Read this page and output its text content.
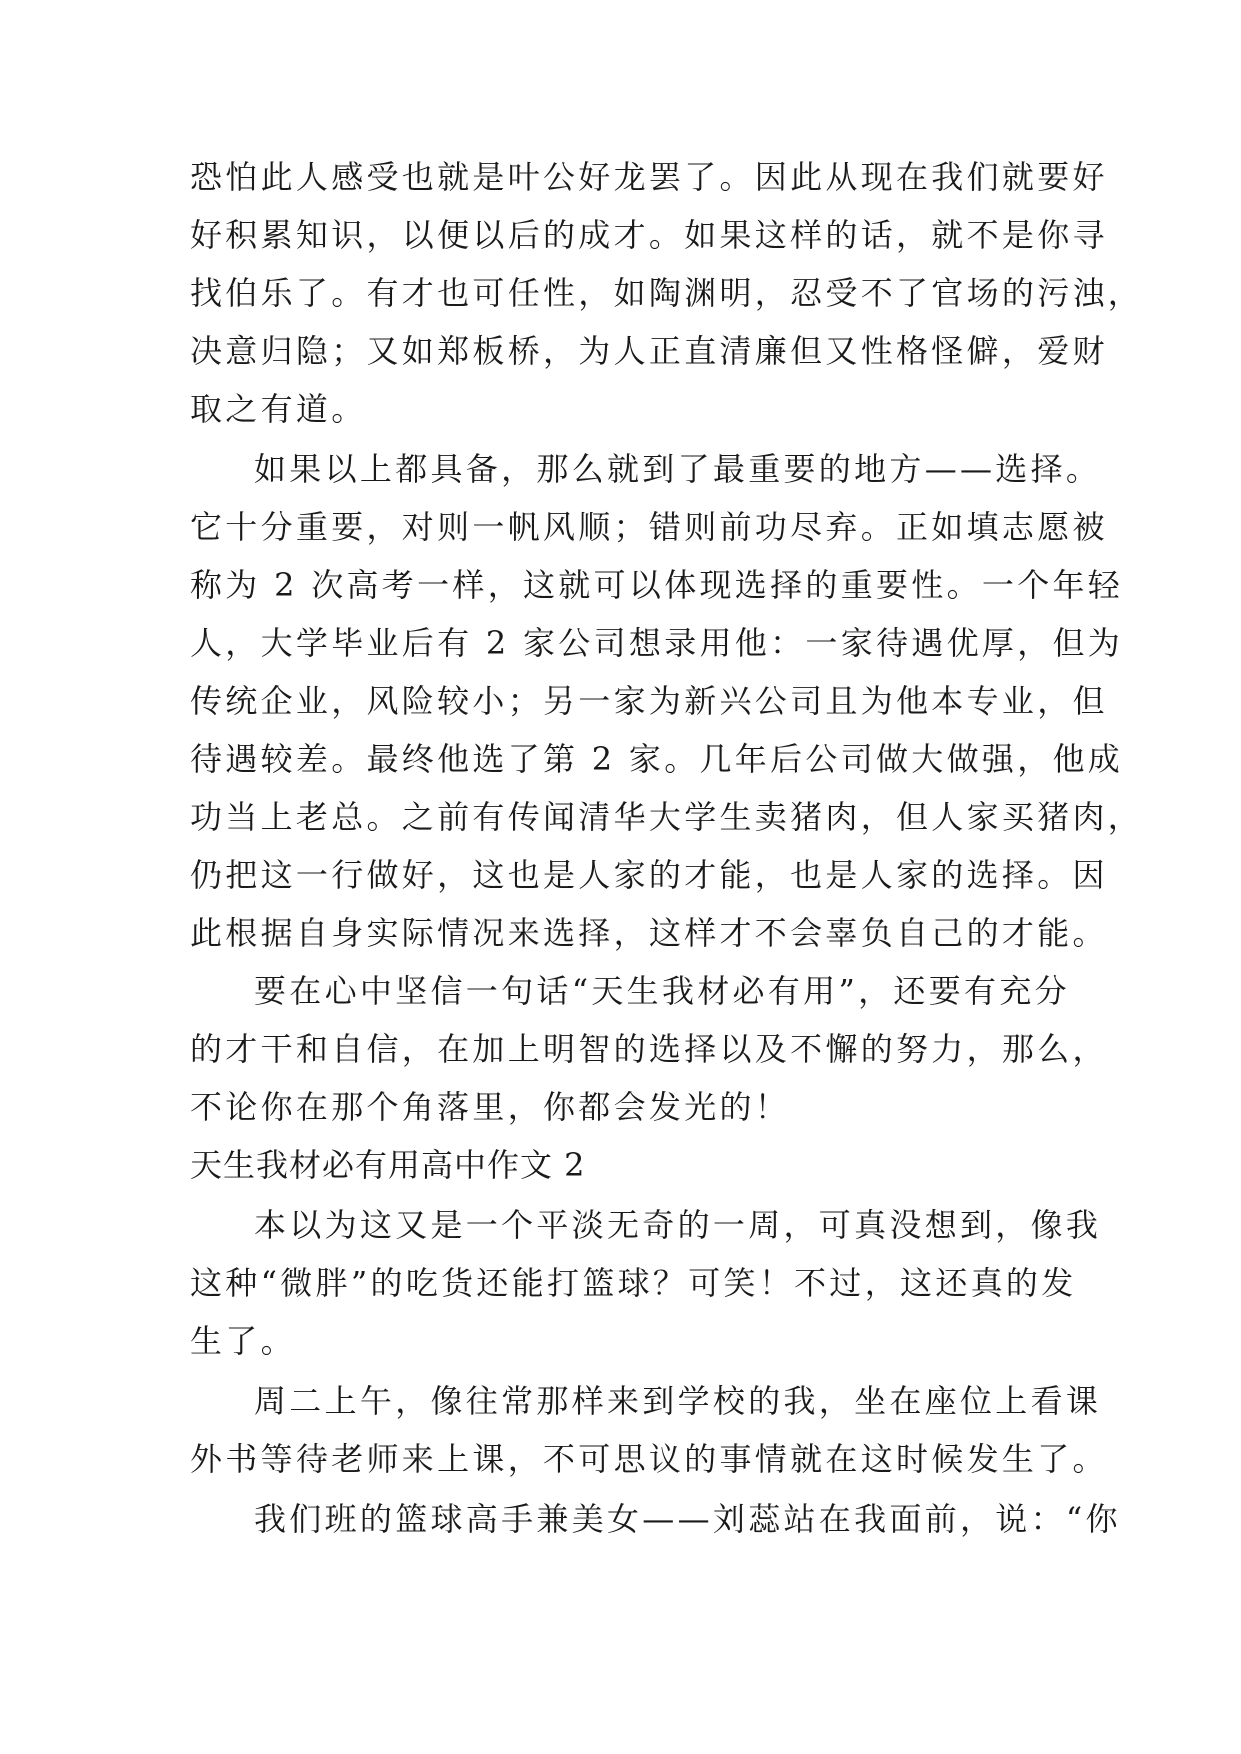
恐怕此人感受也就是叶公好龙罢了。因此从现在我们就要好
好积累知识，以便以后的成才。如果这样的话，就不是你寻
找伯乐了。有才也可任性，如陶渊明，忍受不了官场的污浊，
决意归隐；又如郑板桥，为人正直清廉但又性格怪僻，爱财
取之有道。
如果以上都具备，那么就到了最重要的地方——选择。
它十分重要，对则一帆风顺；错则前功尽弃。正如填志愿被
称为 2 次高考一样，这就可以体现选择的重要性。一个年轻
人，大学毕业后有 2 家公司想录用他：一家待遇优厚，但为
传统企业，风险较小；另一家为新兴公司且为他本专业，但
待遇较差。最终他选了第 2 家。几年后公司做大做强，他成
功当上老总。之前有传闻清华大学生卖猪肉，但人家买猪肉，
仍把这一行做好，这也是人家的才能，也是人家的选择。因
此根据自身实际情况来选择，这样才不会辜负自己的才能。
要在心中坚信一句话“天生我材必有用”，还要有充分
的才干和自信，在加上明智的选择以及不懈的努力，那么，
不论你在那个角落里，你都会发光的！
天生我材必有用高中作文 2
本以为这又是一个平淡无奇的一周，可真没想到，像我
这种“微胖”的吃货还能打篮球？可笑！不过，这还真的发
生了。
周二上午，像往常那样来到学校的我，坐在座位上看课
外书等待老师来上课，不可思议的事情就在这时候发生了。
我们班的篮球高手兼美女——刘蕊站在我面前，说：“你
